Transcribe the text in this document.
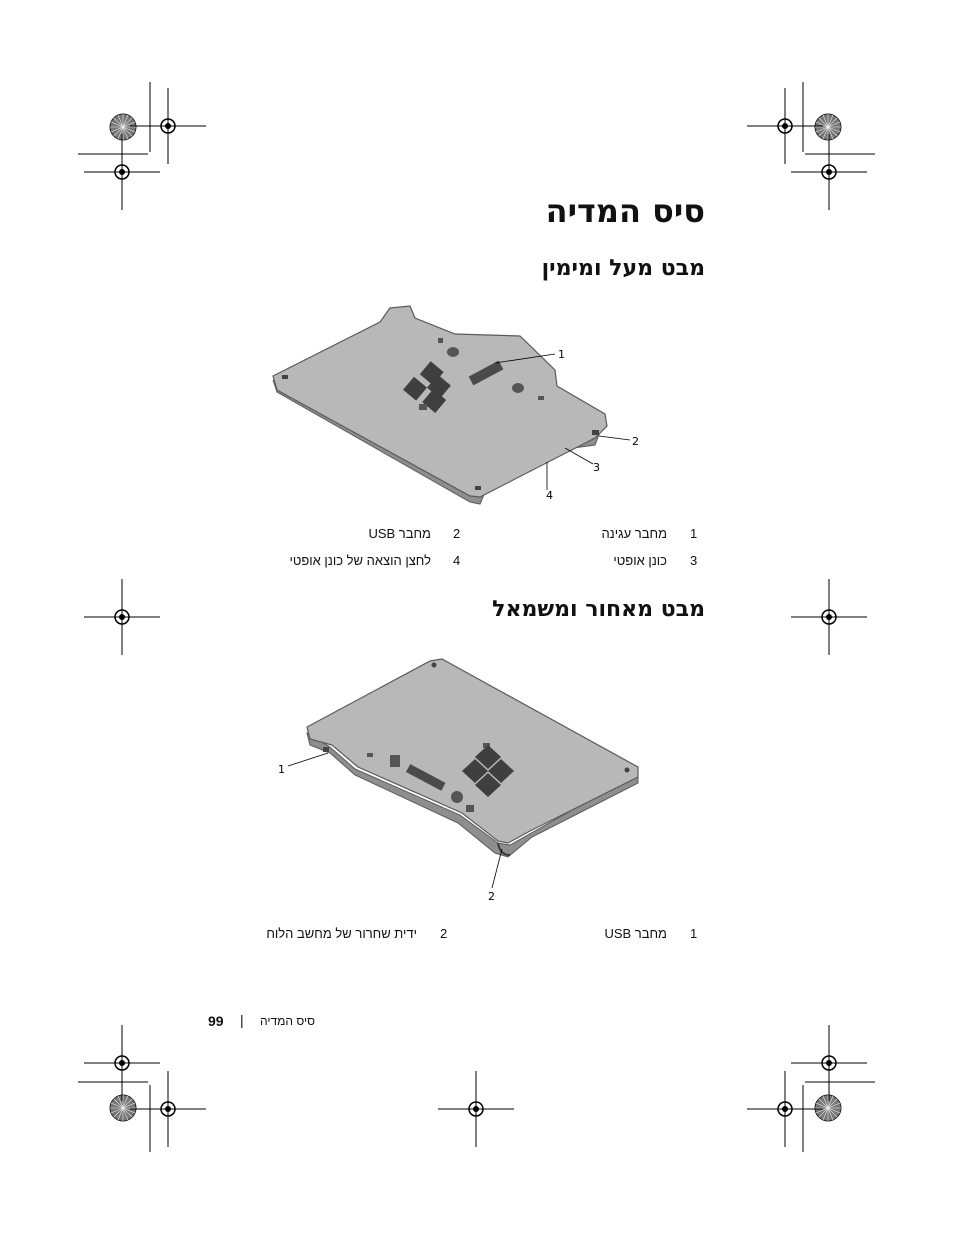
סיס המדיה
מבט מעל ומימין
1
2
3
4
1
מחבר עגינה
2
מחבר USB
3
כונן אופטי
4
לחצן הוצאה של כונן אופטי
מבט מאחור ומשמאל
1
2
1
מחבר USB
2
ידית שחרור של מחשב הלוח
99 | סיס המדיה
